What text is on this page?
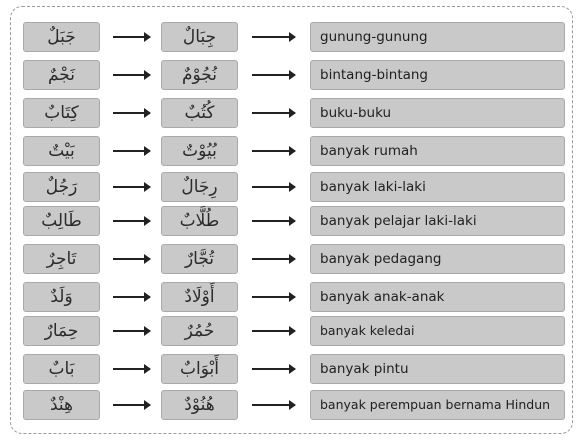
جَبَلٌ	جِبَالٌ	gunung-gunung
نَجْمٌ	نُجُوْمٌ	bintang-bintang
كِتَابٌ	كُتُبٌ	buku-buku
بَيْتٌ	بُيُوْتٌ	banyak rumah
رَجُلٌ	رِجَالٌ	banyak laki-laki
طَالِبٌ	طُلَّابٌ	banyak pelajar laki-laki
تَاجِرٌ	تُجَّارٌ	banyak pedagang
وَلَدٌ	أَوْلَادٌ	banyak anak-anak
حِمَارٌ	حُمُرٌ	banyak keledai
بَابٌ	أَبْوَابٌ	banyak pintu
هِنْدٌ	هُنُوْدٌ	banyak perempuan bernama Hindun
